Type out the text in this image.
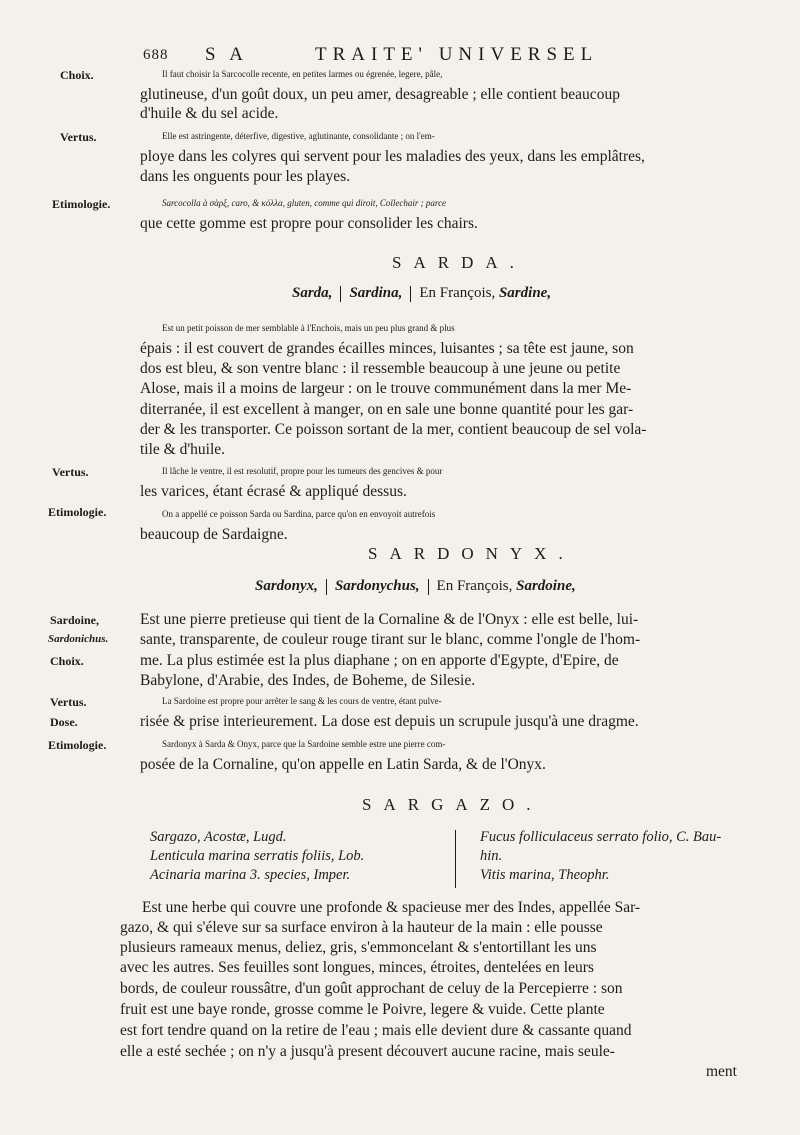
688 S A	TRAITE' UNIVERSEL
Choix.
Vertus.
Etimologie.
Il faut choisir la Sarcocolle recente, en petites larmes ou égrenée, legere, pâle,
glutineuse, d'un goût doux, un peu amer, desagreable ; elle contient beaucoup
d'huile & du sel acide.
Elle est astringente, déterfive, digestive, aglutinante, consolidante ; on l'em-
ploye dans les colyres qui servent pour les maladies des yeux, dans les emplâtres,
dans les onguents pour les playes.
Sarcocolla à σὰρξ, caro, & κόλλα, gluten, comme qui diroit, Collechair ; parce
que cette gomme est propre pour consolider les chairs.
SARDA.
Sarda, Sardina, En François, Sardine,
Est un petit poisson de mer semblable à l'Enchois, mais un peu plus grand & plus
épais : il est couvert de grandes écailles minces, luisantes ; sa tête est jaune, son
dos est bleu, & son ventre blanc : il ressemble beaucoup à une jeune ou petite
Alose, mais il a moins de largeur : on le trouve communément dans la mer Me-
diterranée, il est excellent à manger, on en sale une bonne quantité pour les gar-
der & les transporter. Ce poisson sortant de la mer, contient beaucoup de sel vola-
tile & d'huile.
Vertus.
Etimologie.
Il lâche le ventre, il est resolutif, propre pour les tumeurs des gencives & pour
les varices, étant écrasé & appliqué dessus.
On a appellé ce poisson Sarda ou Sardina, parce qu'on en envoyoit autrefois
beaucoup de Sardaigne.
SARDONYX.
Sardonyx, Sardonychus, En François, Sardoine,
Sardoine,
Sardonichus.
Choix.
Vertus.
Dose.
Etimologie.
Est une pierre pretieuse qui tient de la Cornaline & de l'Onyx : elle est belle, lui-
sante, transparente, de couleur rouge tirant sur le blanc, comme l'ongle de l'hom-
me. La plus estimée est la plus diaphane ; on en apporte d'Egypte, d'Epire, de
Babylone, d'Arabie, des Indes, de Boheme, de Silesie.
La Sardoine est propre pour arrêter le sang & les cours de ventre, étant pulve-
risée & prise interieurement. La dose est depuis un scrupule jusqu'à une dragme.
Sardonyx à Sarda & Onyx, parce que la Sardoine semble estre une pierre com-
posée de la Cornaline, qu'on appelle en Latin Sarda, & de l'Onyx.
SARGAZO.
Sargazo, Acostæ, Lugd.
Lenticula marina serratis foliis, Lob.
Acinaria marina 3. species, Imper.
Fucus folliculaceus serrato folio, C. Bau-
hin.
Vitis marina, Theophr.
Est une herbe qui couvre une profonde & spacieuse mer des Indes, appellée Sar-
gazo, & qui s'éleve sur sa surface environ à la hauteur de la main : elle pousse
plusieurs rameaux menus, deliez, gris, s'emmoncelant & s'entortillant les uns
avec les autres. Ses feuilles sont longues, minces, étroites, dentelées en leurs
bords, de couleur roussâtre, d'un goût approchant de celuy de la Percepierre : son
fruit est une baye ronde, grosse comme le Poivre, legere & vuide. Cette plante
est fort tendre quand on la retire de l'eau ; mais elle devient dure & cassante quand
elle a esté sechée ; on n'y a jusqu'à present découvert aucune racine, mais seule-
ment
